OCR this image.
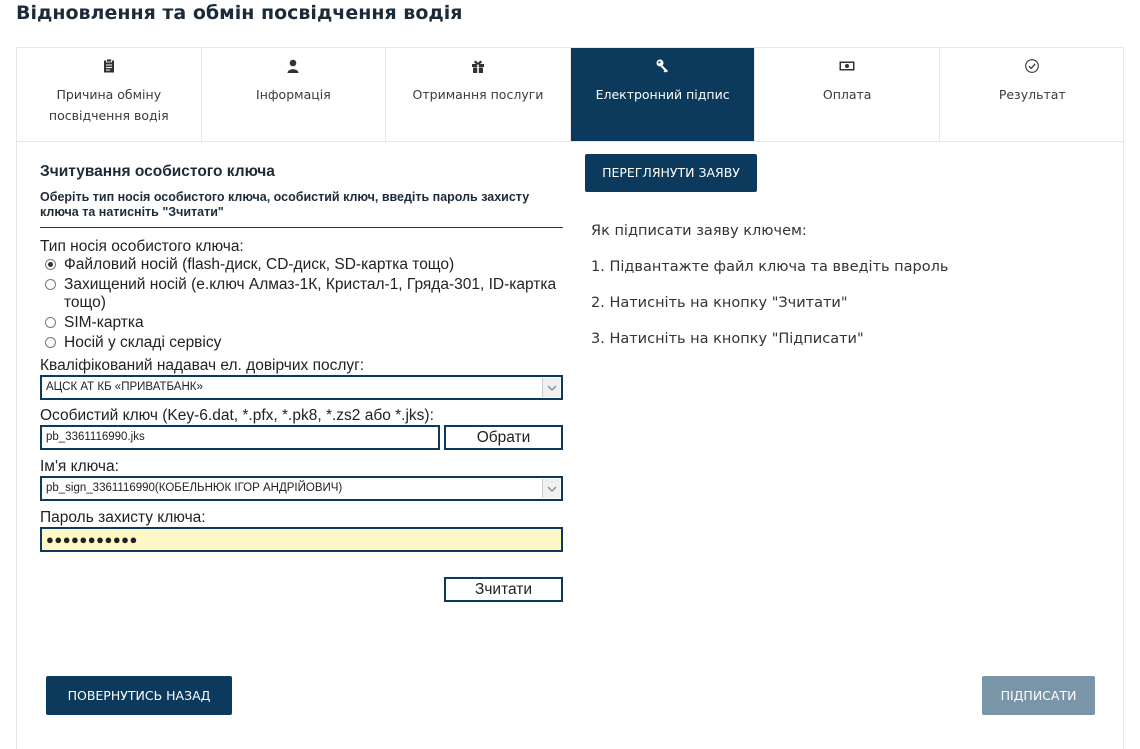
Відновлення та обмін посвідчення водія
Причина обміну посвідчення водія
Інформація	Отримання послуги	Електронний підпис	Оплата	Результат
Зчитування особистого ключа

Оберіть тип носія особистого ключа, особистий ключ, введіть пароль захисту ключа та натисніть "Зчитати"

Тип носія особистого ключа:
Файловий носій (flash-диск, CD-диск, SD-картка тощо)
Захищений носій (е.ключ Алмаз-1К, Кристал-1, Гряда-301, ID-картка тощо)
SIM-картка
Носій у складі сервісу
Кваліфікований надавач ел. довірчих послуг:
АЦСК АТ КБ «ПРИВАТБАНК»
Особистий ключ (Key-6.dat, *.pfx, *.pk8, *.zs2 або *.jks):
pb_3361116990.jks	Обрати
Ім'я ключа:
pb_sign_3361116990(КОБЕЛЬНЮК ІГОР АНДРІЙОВИЧ)
Пароль захисту ключа:
●●●●●●●●●●●
Зчитати
ПЕРЕГЛЯНУТИ ЗАЯВУ
Як підписати заяву ключем:
1. Підвантажте файл ключа та введіть пароль
2. Натисніть на кнопку "Зчитати"
3. Натисніть на кнопку "Підписати"
ПОВЕРНУТИСЬ НАЗАД	ПІДПИСАТИ
